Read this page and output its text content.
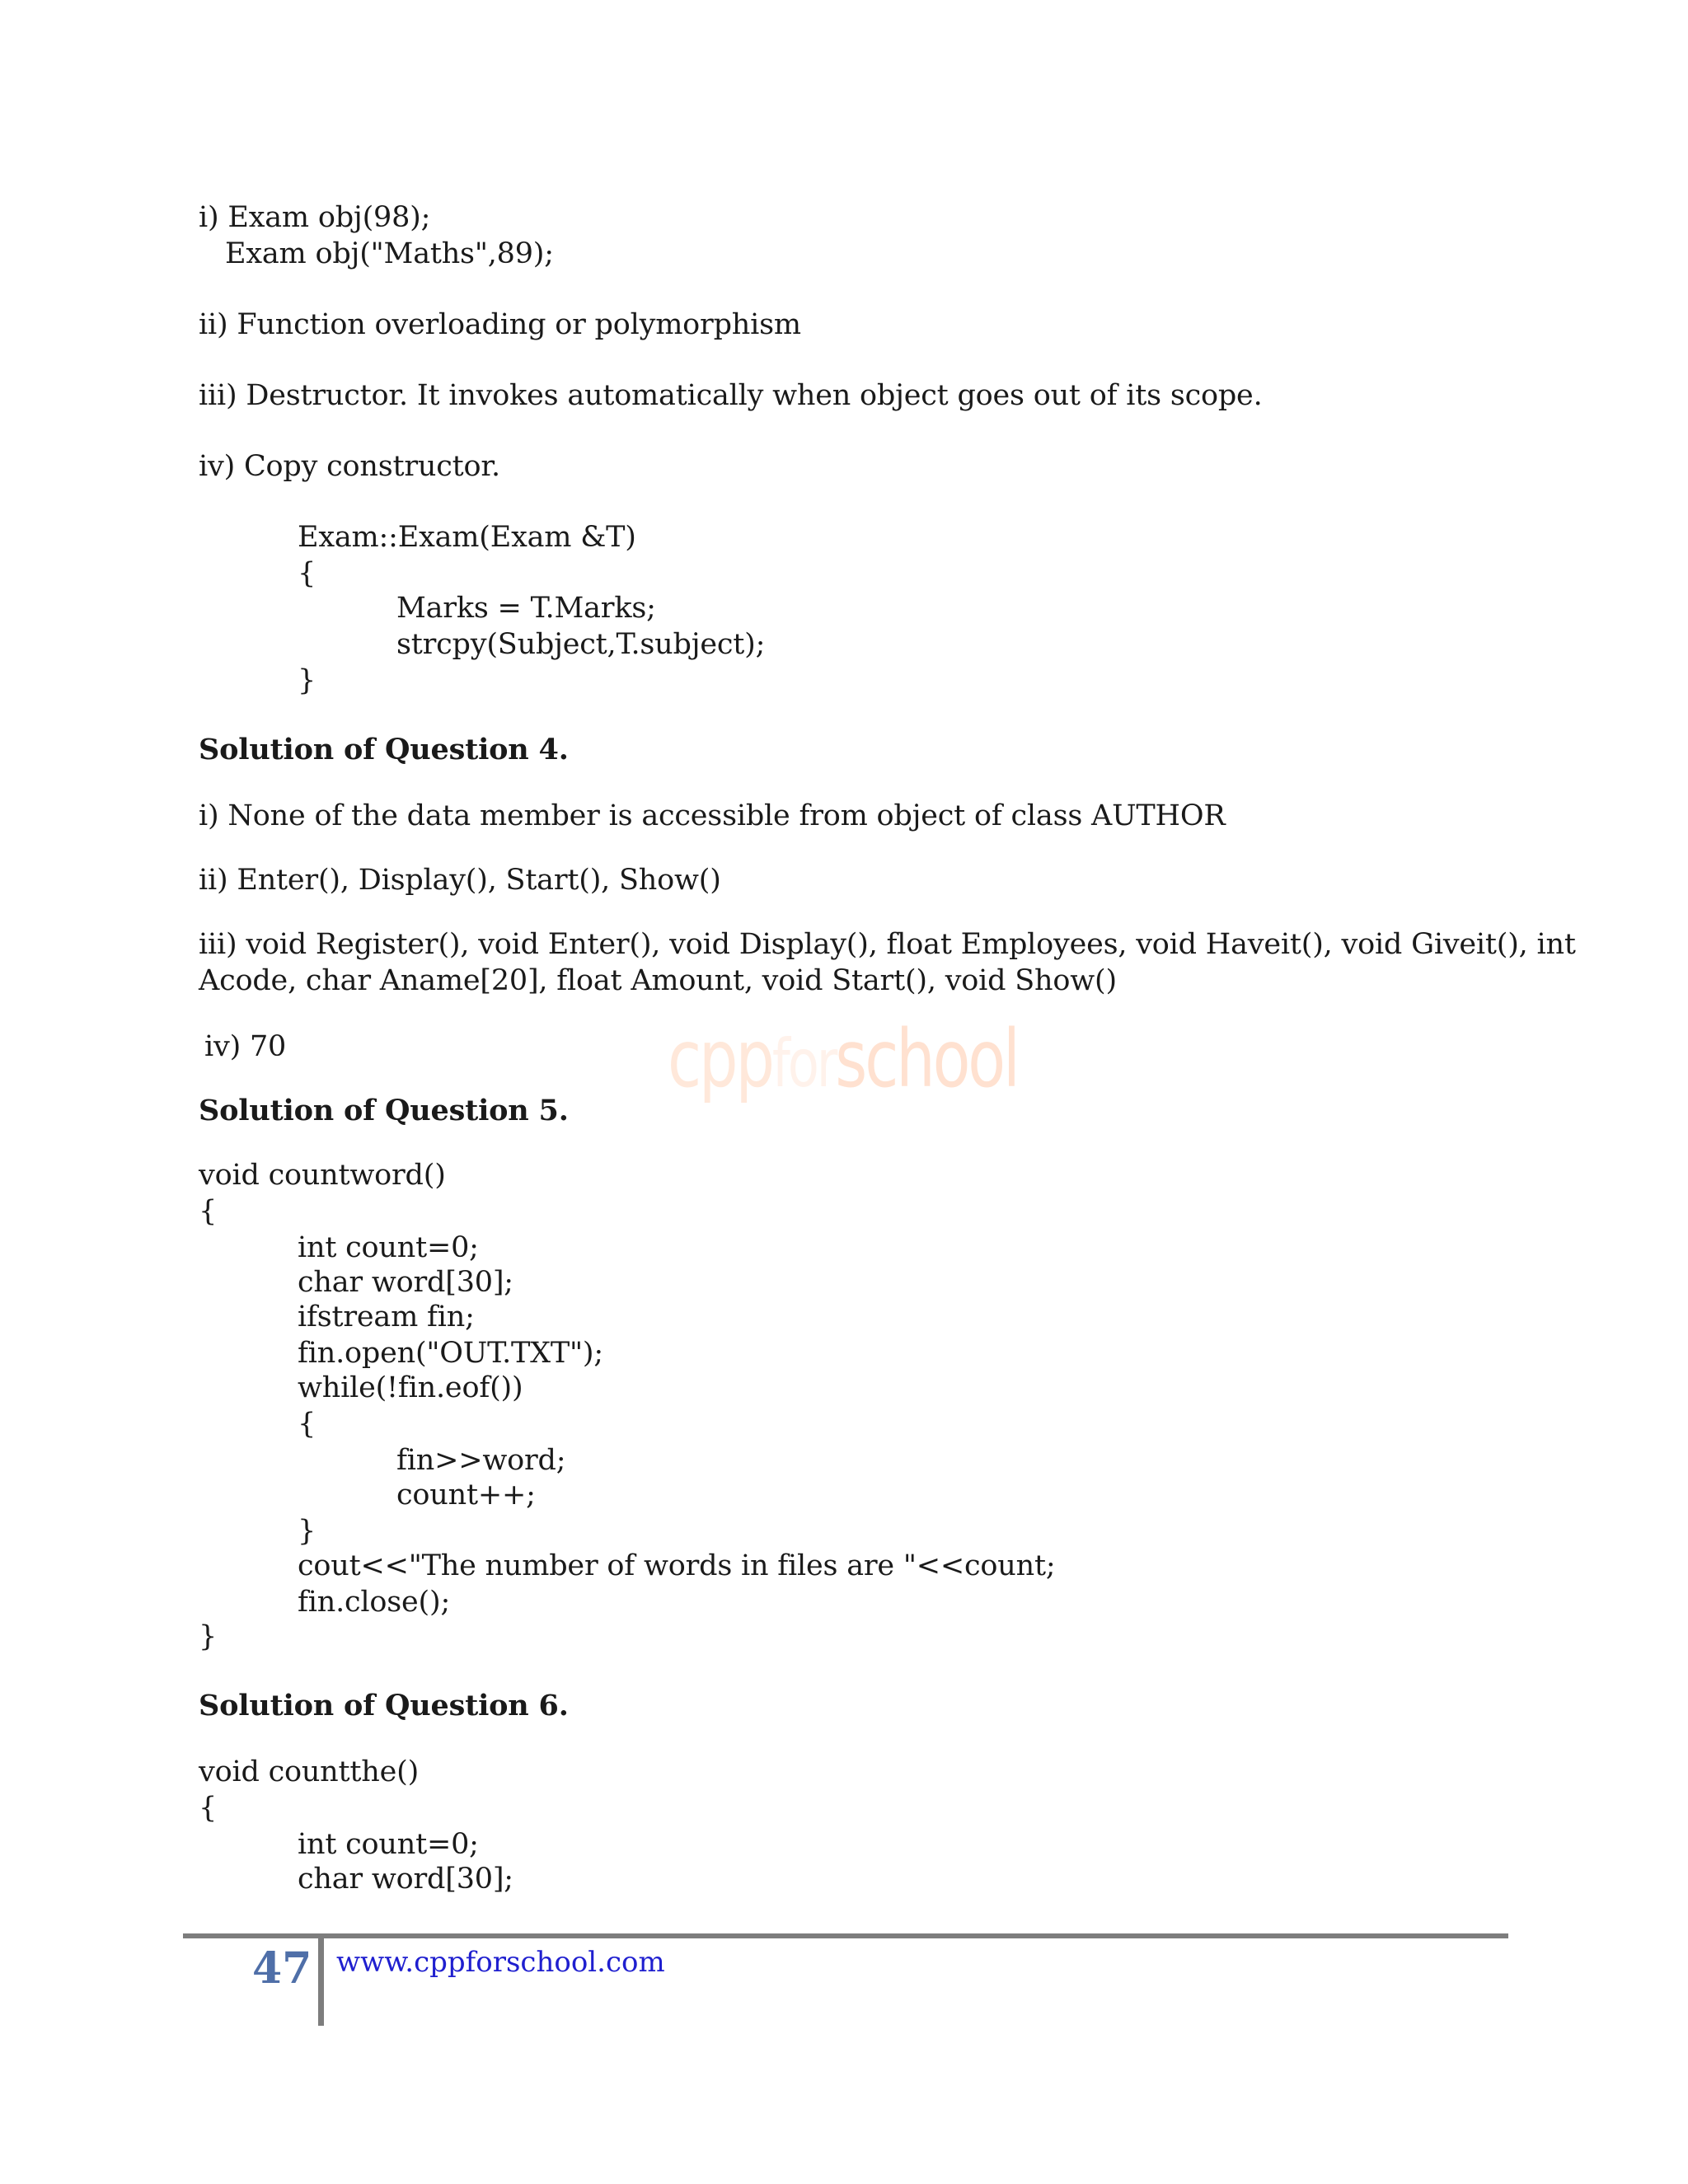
i) Exam obj(98);
Exam obj("Maths",89);
ii) Function overloading or polymorphism
iii) Destructor. It invokes automatically when object goes out of its scope.
iv) Copy constructor.
Exam::Exam(Exam &T)
{
Marks = T.Marks;
strcpy(Subject,T.subject);
}
Solution of Question 4.
i) None of the data member is accessible from object of class AUTHOR
ii) Enter(), Display(), Start(), Show()
iii) void Register(), void Enter(), void Display(), float Employees, void Haveit(), void Giveit(), int
Acode, char Aname[20], float Amount, void Start(), void Show()
iv) 70
Solution of Question 5.
void countword()
{
int count=0;
char word[30];
ifstream fin;
fin.open("OUT.TXT");
while(!fin.eof())
{
fin>>word;
count++;
}
cout<<"The number of words in files are "<<count;
fin.close();
}
Solution of Question 6.
void countthe()
{
int count=0;
char word[30];
cppforschool
47 www.cppforschool.com
